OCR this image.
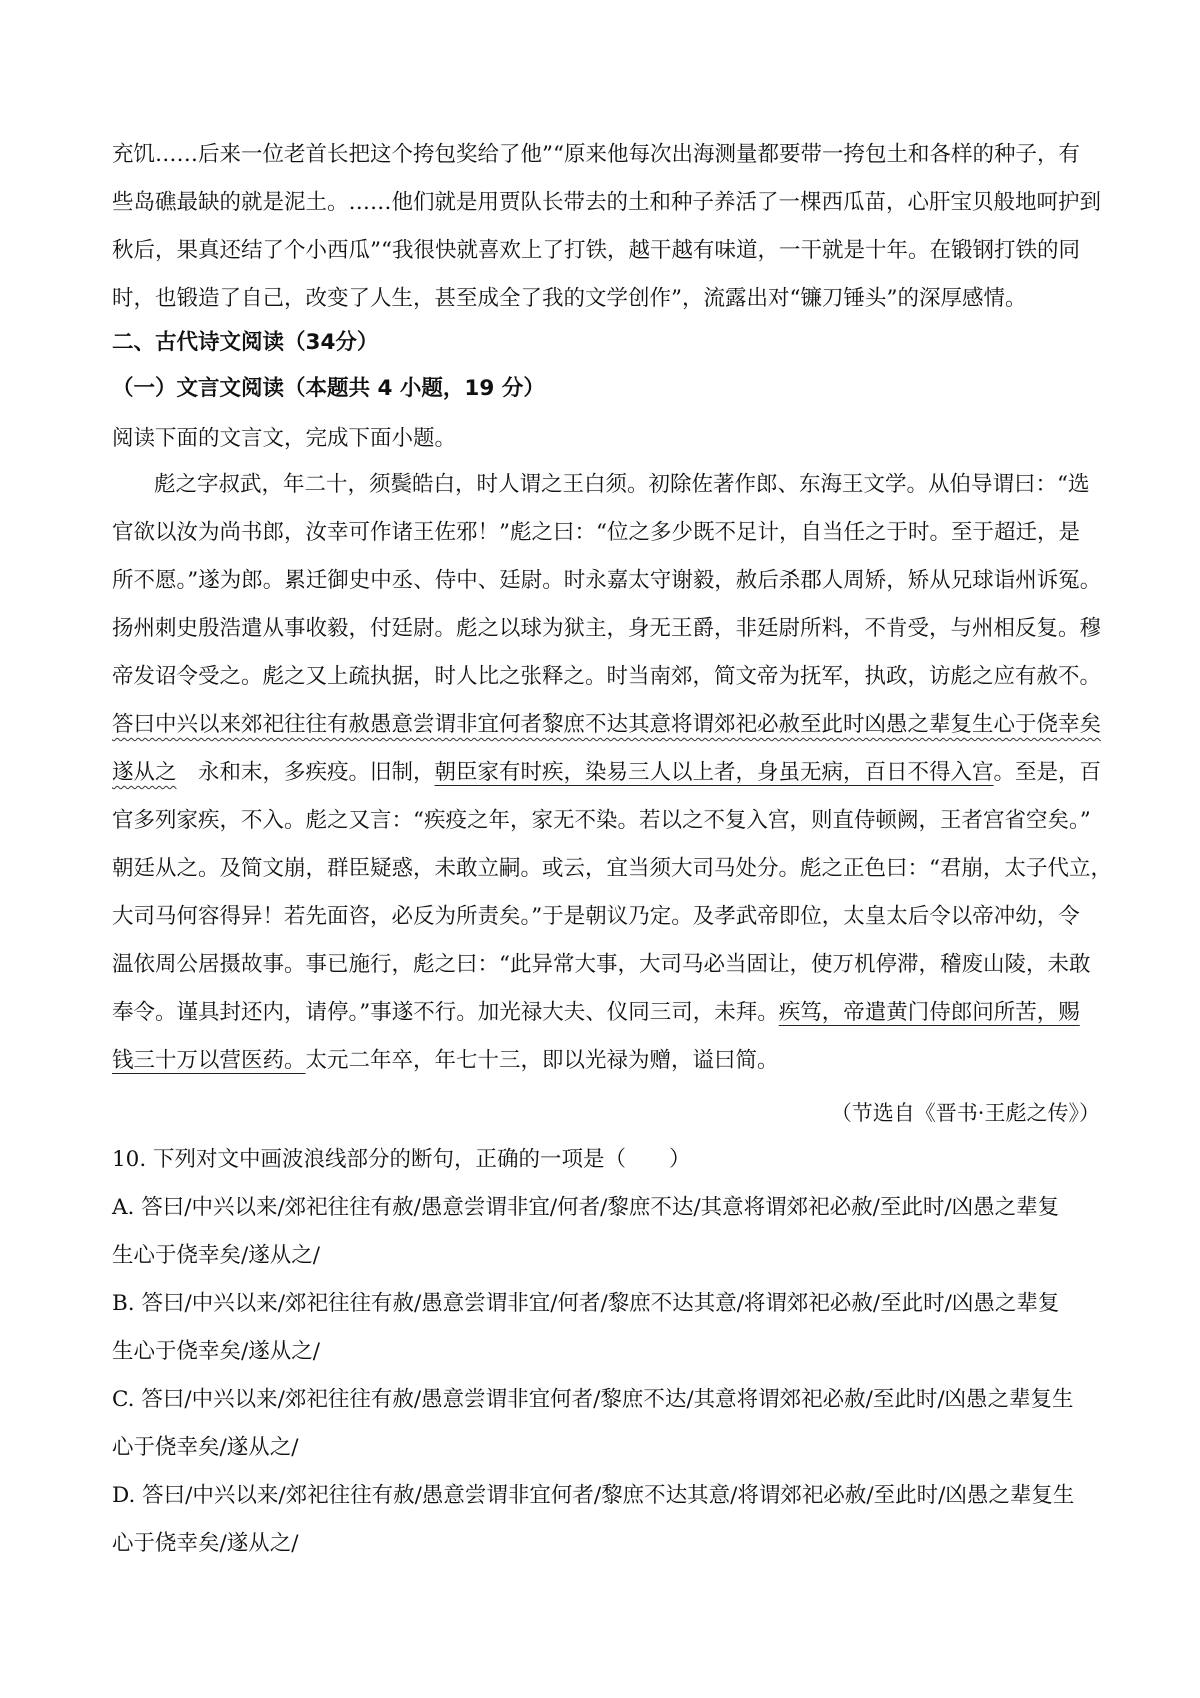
充饥……后来一位老首长把这个挎包奖给了他”“原来他每次出海测量都要带一挎包土和各样的种子，有
些岛礁最缺的就是泥土。……他们就是用贾队长带去的土和种子养活了一棵西瓜苗，心肝宝贝般地呵护到
秋后，果真还结了个小西瓜”“我很快就喜欢上了打铁，越干越有味道，一干就是十年。在锻钢打铁的同
时，也锻造了自己，改变了人生，甚至成全了我的文学创作”，流露出对“镰刀锤头”的深厚感情。
二、古代诗文阅读（34分）
（一）文言文阅读（本题共 4 小题，19 分）
阅读下面的文言文，完成下面小题。
彪之字叔武，年二十，须鬓皓白，时人谓之王白须。初除佐著作郎、东海王文学。从伯导谓曰：“选
官欲以汝为尚书郎，汝幸可作诸王佐邪！”彪之曰：“位之多少既不足计，自当任之于时。至于超迁，是
所不愿。”遂为郎。累迁御史中丞、侍中、廷尉。时永嘉太守谢毅，赦后杀郡人周矫，矫从兄球诣州诉冤。
扬州刺史殷浩遣从事收毅，付廷尉。彪之以球为狱主，身无王爵，非廷尉所料，不肯受，与州相反复。穆
帝发诏令受之。彪之又上疏执据，时人比之张释之。时当南郊，简文帝为抚军，执政，访彪之应有赦不。
答曰中兴以来郊祀往往有赦愚意尝谓非宜何者黎庶不达其意将谓郊祀必赦至此时凶愚之辈复生心于侥幸矣
遂从之　永和末，多疾疫。旧制，朝臣家有时疾，染易三人以上者，身虽无病，百日不得入宫。至是，百
官多列家疾，不入。彪之又言：“疾疫之年，家无不染。若以之不复入宫，则直侍顿阙，王者宫省空矣。”
朝廷从之。及简文崩，群臣疑惑，未敢立嗣。或云，宜当须大司马处分。彪之正色曰：“君崩，太子代立，
大司马何容得异！若先面咨，必反为所责矣。”于是朝议乃定。及孝武帝即位，太皇太后令以帝冲幼，令
温依周公居摄故事。事已施行，彪之曰：“此异常大事，大司马必当固让，使万机停滞，稽废山陵，未敢
奉令。谨具封还内，请停。”事遂不行。加光禄大夫、仪同三司，未拜。疾笃，帝遣黄门侍郎问所苦，赐
钱三十万以营医药。太元二年卒，年七十三，即以光禄为赠，谥曰简。
（节选自《晋书·王彪之传》）
10. 下列对文中画波浪线部分的断句，正确的一项是（　　）
A. 答曰/中兴以来/郊祀往往有赦/愚意尝谓非宜/何者/黎庶不达/其意将谓郊祀必赦/至此时/凶愚之辈复
生心于侥幸矣/遂从之/
B. 答曰/中兴以来/郊祀往往有赦/愚意尝谓非宜/何者/黎庶不达其意/将谓郊祀必赦/至此时/凶愚之辈复
生心于侥幸矣/遂从之/
C. 答曰/中兴以来/郊祀往往有赦/愚意尝谓非宜何者/黎庶不达/其意将谓郊祀必赦/至此时/凶愚之辈复生
心于侥幸矣/遂从之/
D. 答曰/中兴以来/郊祀往往有赦/愚意尝谓非宜何者/黎庶不达其意/将谓郊祀必赦/至此时/凶愚之辈复生
心于侥幸矣/遂从之/
